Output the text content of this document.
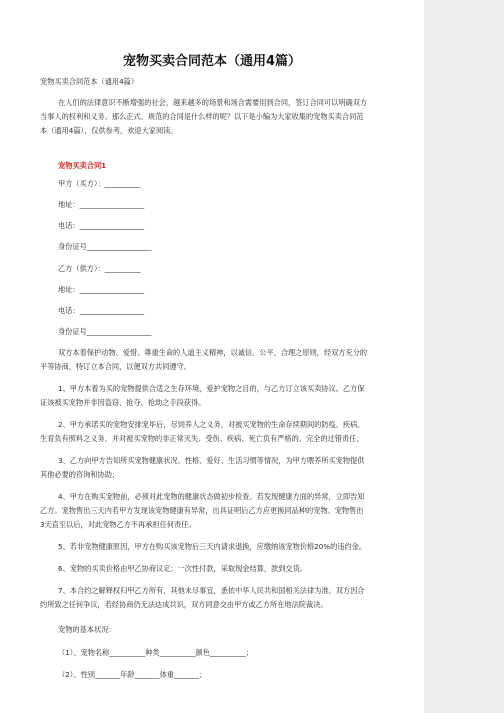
宠物买卖合同范本（通用4篇）

宠物买卖合同范本（通用4篇）

在人们的法律意识不断增强的社会，越来越多的场景和场合需要用到合同，签订合同可以明确双方

当事人的权利和义务。那么正式、规范的合同是什么样的呢？以下是小编为大家收集的宠物买卖合同范

本（通用4篇），仅供参考，欢迎大家阅读。

宠物买卖合同1

甲方（买方）：__________

地址：__________________

电话：__________________

身份证号__________________

乙方（供方）：__________

地址：__________________

电话：__________________

身份证号__________________

双方本着保护动物、爱惜、尊重生命的人道主义精神，以诚信、公平、合理之原则，经双方充分的

平等协商，特订立本合同，以便双方共同遵守。

1、甲方本着为买的宠物提供合适之生存环境，爱护宠物之目的，与乙方订立该买卖协议。乙方保

证该被买宠物并非因盗窃、抢夺、抢劫之手段获得。

2、甲方承诺买的宠物安排宠毕后，尽饲养人之义务，对被买宠物的生命存续期间的防疫、疾病、

生育负有照料之义务，并对被买宠物的非正常灭失、受伤、疾病、死亡负有严格的、完全的过错责任；

3、乙方向甲方告知所买宠物健康状况、性格、爱好、生活习惯等情况，为甲方喂养所买宠物提供

其他必要的咨询和协助；

4、甲方在购买宠物前，必须对此宠物的健康状态做初步检查。若发现健康方面的异常，立即告知

乙方。宠物售出三天内若甲方发现该宠物健康有异常，出具证明后乙方应更换同品种的宠物。宠物售出

3天直至以后，对此宠物乙方不再承担任何责任。

5、若非宠物健康原因，甲方在购买该宠物后三天内请求退换，应缴纳该宠物价格20%的违约金。

6、宠物的买卖价格由甲乙协商议定；一次性付款，采取现金结算，款到交货。

7、本合约之解释权归甲乙方所有，其他未尽事宜，悉依中华人民共和国相关法律为准。双方因合

约所致之任何争议，若经协商仍无法达成共识，双方同意交由甲方或乙方所在地法院裁决。

宠物的基本状况：

（1）、宠物名称__________种类__________颜色__________；

（2）、性别_______年龄_______体重_______；
